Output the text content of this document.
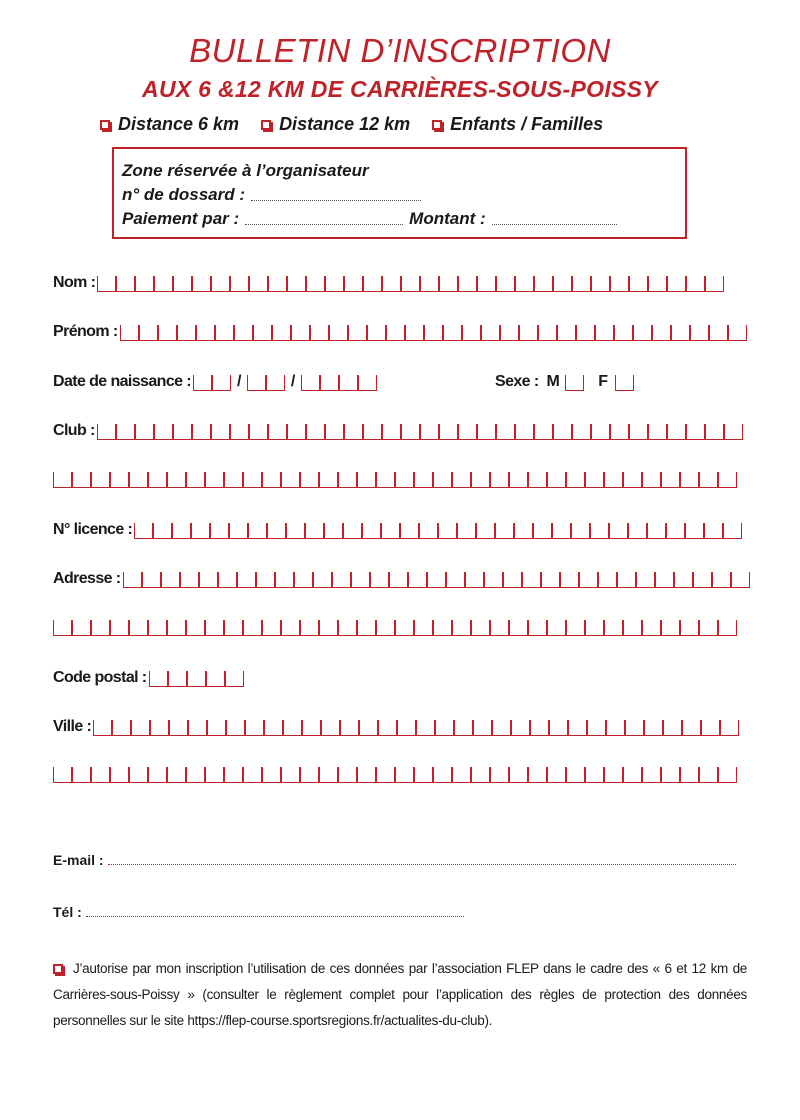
BULLETIN D’INSCRIPTION
AUX 6 &12 KM DE CARRIÈRES-SOUS-POISSY
Distance 6 km Distance 12 km Enfants / Familles
Zone réservée à l’organisateur
n° de dossard :
Paiement par :	Montant :
Nom :
Prénom :
Date de naissance :	/	/	Sexe : M F
Club :
N° licence :
Adresse :
Code postal :
Ville :
E-mail :
Tél :
J’autorise par mon inscription l’utilisation de ces données par l’association FLEP dans le cadre des « 6 et 12 km de Carrières-sous-Poissy » (consulter le règlement complet pour l’application des règles de protection des données personnelles sur le site https://flep-course.sportsregions.fr/actualites-du-club).
